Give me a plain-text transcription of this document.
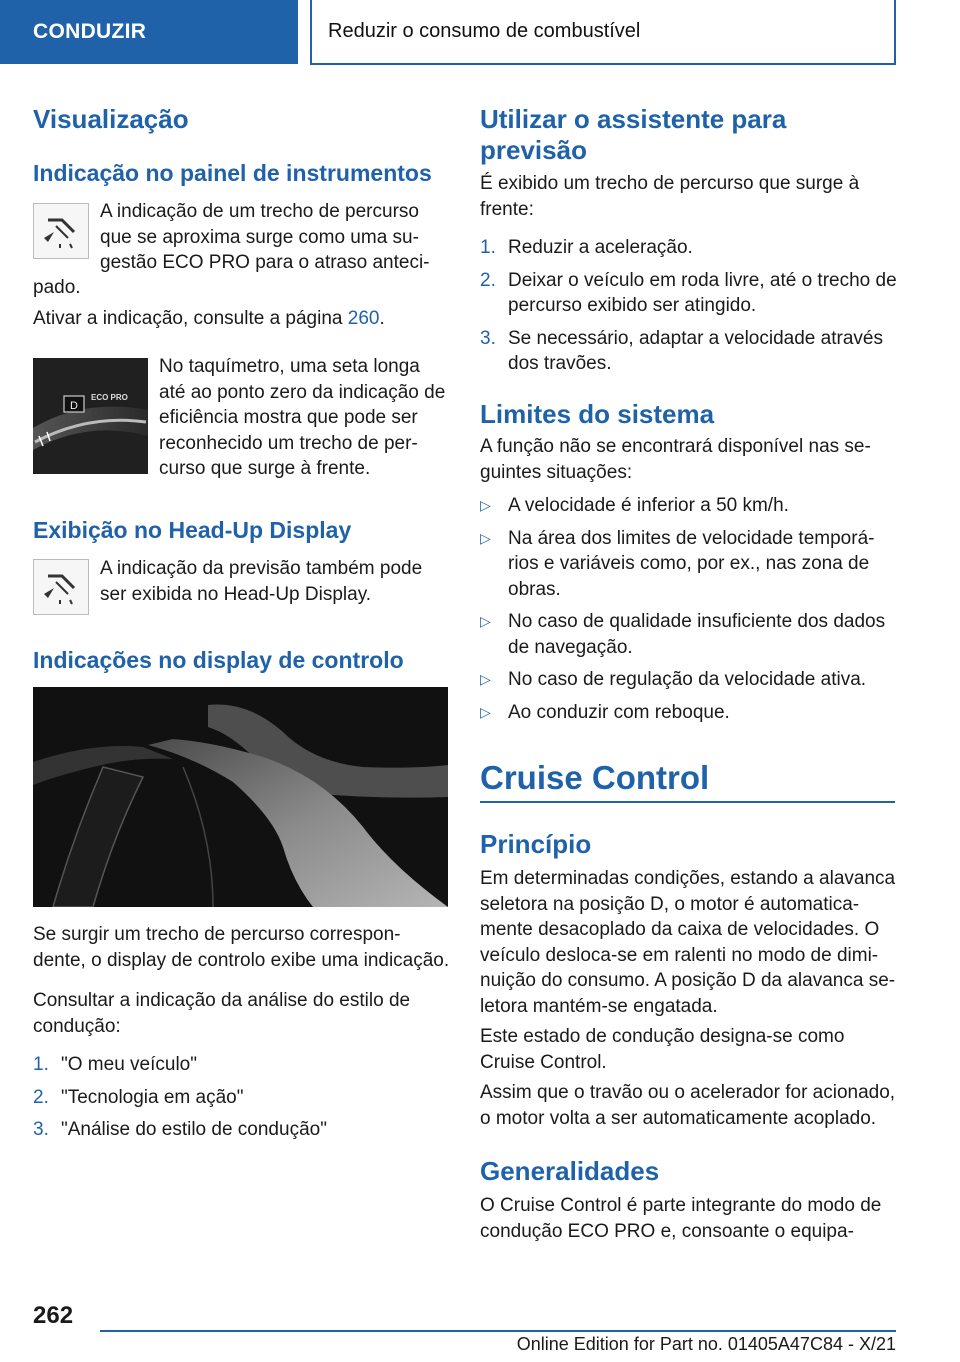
CONDUZIR	Reduzir o consumo de combustível
Visualização
Indicação no painel de instrumentos
A indicação de um trecho de percurso
que se aproxima surge como uma su-
gestão ECO PRO para o atraso anteci-
pado.
Ativar a indicação, consulte a página 260.
D
ECO PRO
No taquímetro, uma seta longa
até ao ponto zero da indicação de
eficiência mostra que pode ser
reconhecido um trecho de per-
curso que surge à frente.
Exibição no Head-Up Display
A indicação da previsão também pode
ser exibida no Head-Up Display.
Indicações no display de controlo
Se surgir um trecho de percurso correspon-
dente, o display de controlo exibe uma indicação.
Consultar a indicação da análise do estilo de
condução:
1. "O meu veículo"
2. "Tecnologia em ação"
3. "Análise do estilo de condução"
Utilizar o assistente para
previsão
É exibido um trecho de percurso que surge à
frente:
1. Reduzir a aceleração.
2. Deixar o veículo em roda livre, até o trecho de
percurso exibido ser atingido.
3. Se necessário, adaptar a velocidade através
dos travões.
Limites do sistema
A função não se encontrará disponível nas se-
guintes situações:
▷ A velocidade é inferior a 50 km/h.
▷ Na área dos limites de velocidade temporá-
rios e variáveis como, por ex., nas zona de
obras.
▷ No caso de qualidade insuficiente dos dados
de navegação.
▷ No caso de regulação da velocidade ativa.
▷ Ao conduzir com reboque.
Cruise Control
Princípio
Em determinadas condições, estando a alavanca
seletora na posição D, o motor é automatica-
mente desacoplado da caixa de velocidades. O
veículo desloca-se em ralenti no modo de dimi-
nuição do consumo. A posição D da alavanca se-
letora mantém-se engatada.
Este estado de condução designa-se como
Cruise Control.
Assim que o travão ou o acelerador for acionado,
o motor volta a ser automaticamente acoplado.
Generalidades
O Cruise Control é parte integrante do modo de
condução ECO PRO e, consoante o equipa-
262
Online Edition for Part no. 01405A47C84 - X/21
